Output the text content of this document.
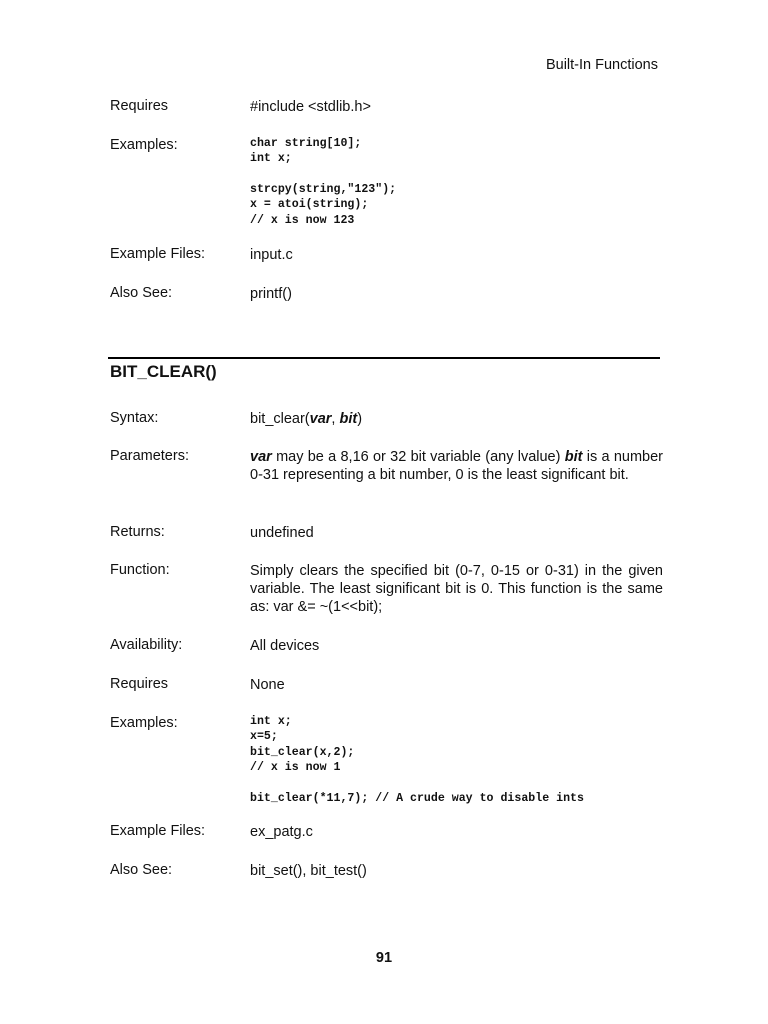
Built-In Functions
Requires	#include <stdlib.h>
Examples:	char string[10];
int x;
strcpy(string,"123");
x = atoi(string);
// x is now 123
Example Files:	input.c
Also See:	printf()
BIT_CLEAR()
Syntax:	bit_clear(var, bit)
Parameters:	var may be a 8,16 or 32 bit variable (any lvalue) bit is a number 0-31 representing a bit number, 0 is the least significant bit.
Returns:	undefined
Function:	Simply clears the specified bit (0-7, 0-15 or 0-31) in the given variable. The least significant bit is 0. This function is the same as: var &= ~(1<<bit);
Availability:	All devices
Requires	None
Examples:	int x;
x=5;
bit_clear(x,2);
// x is now 1
bit_clear(*11,7); // A crude way to disable ints
Example Files:	ex_patg.c
Also See:	bit_set(), bit_test()
91
